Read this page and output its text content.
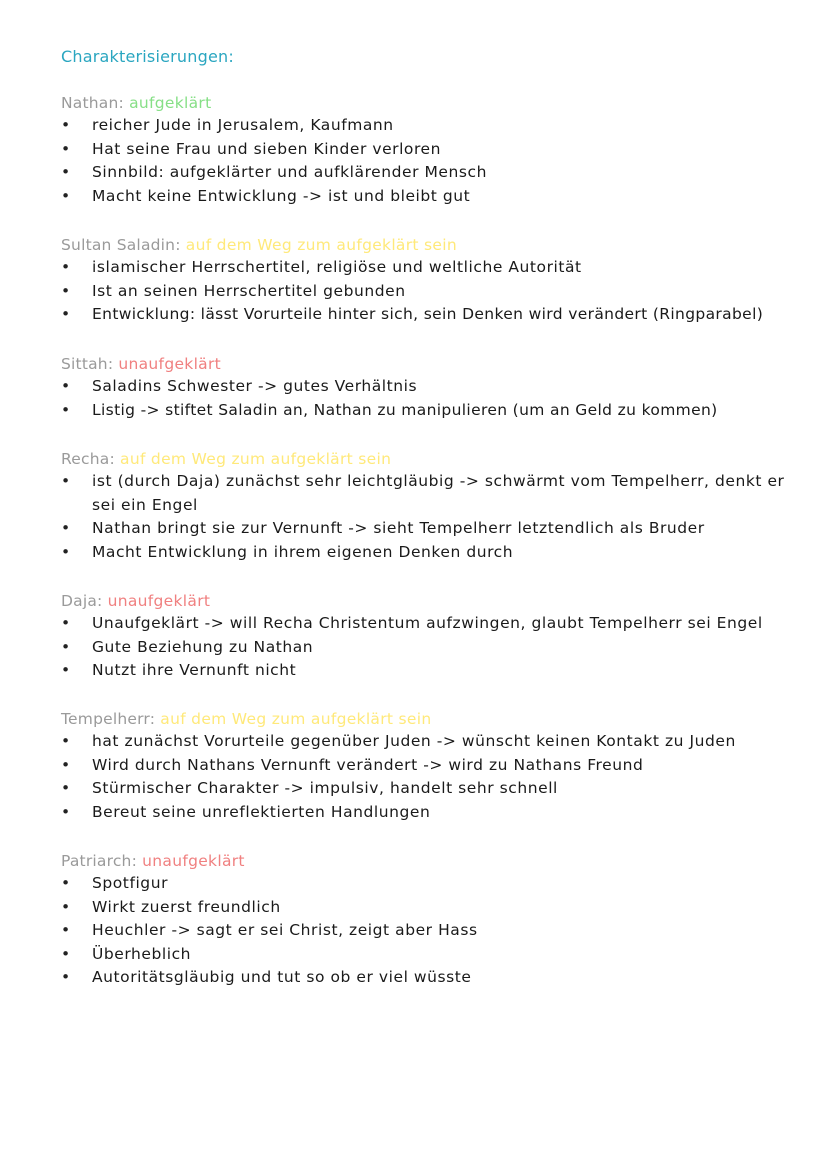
Charakterisierungen:
Nathan: aufgeklärt
• reicher Jude in Jerusalem, Kaufmann
• Hat seine Frau und sieben Kinder verloren
• Sinnbild: aufgeklärter und aufklärender Mensch
• Macht keine Entwicklung -> ist und bleibt gut
Sultan Saladin: auf dem Weg zum aufgeklärt sein
• islamischer Herrschertitel, religiöse und weltliche Autorität
• Ist an seinen Herrschertitel gebunden
• Entwicklung: lässt Vorurteile hinter sich, sein Denken wird verändert (Ringparabel)
Sittah: unaufgeklärt
• Saladins Schwester -> gutes Verhältnis
• Listig -> stiftet Saladin an, Nathan zu manipulieren (um an Geld zu kommen)
Recha: auf dem Weg zum aufgeklärt sein
• ist (durch Daja) zunächst sehr leichtgläubig -> schwärmt vom Tempelherr, denkt er sei ein Engel
• Nathan bringt sie zur Vernunft -> sieht Tempelherr letztendlich als Bruder
• Macht Entwicklung in ihrem eigenen Denken durch
Daja: unaufgeklärt
• Unaufgeklärt -> will Recha Christentum aufzwingen, glaubt Tempelherr sei Engel
• Gute Beziehung zu Nathan
• Nutzt ihre Vernunft nicht
Tempelherr: auf dem Weg zum aufgeklärt sein
• hat zunächst Vorurteile gegenüber Juden -> wünscht keinen Kontakt zu Juden
• Wird durch Nathans Vernunft verändert -> wird zu Nathans Freund
• Stürmischer Charakter -> impulsiv, handelt sehr schnell
• Bereut seine unreflektierten Handlungen
Patriarch: unaufgeklärt
• Spotfigur
• Wirkt zuerst freundlich
• Heuchler -> sagt er sei Christ, zeigt aber Hass
• Überheblich
• Autoritätsgläubig und tut so ob er viel wüsste
